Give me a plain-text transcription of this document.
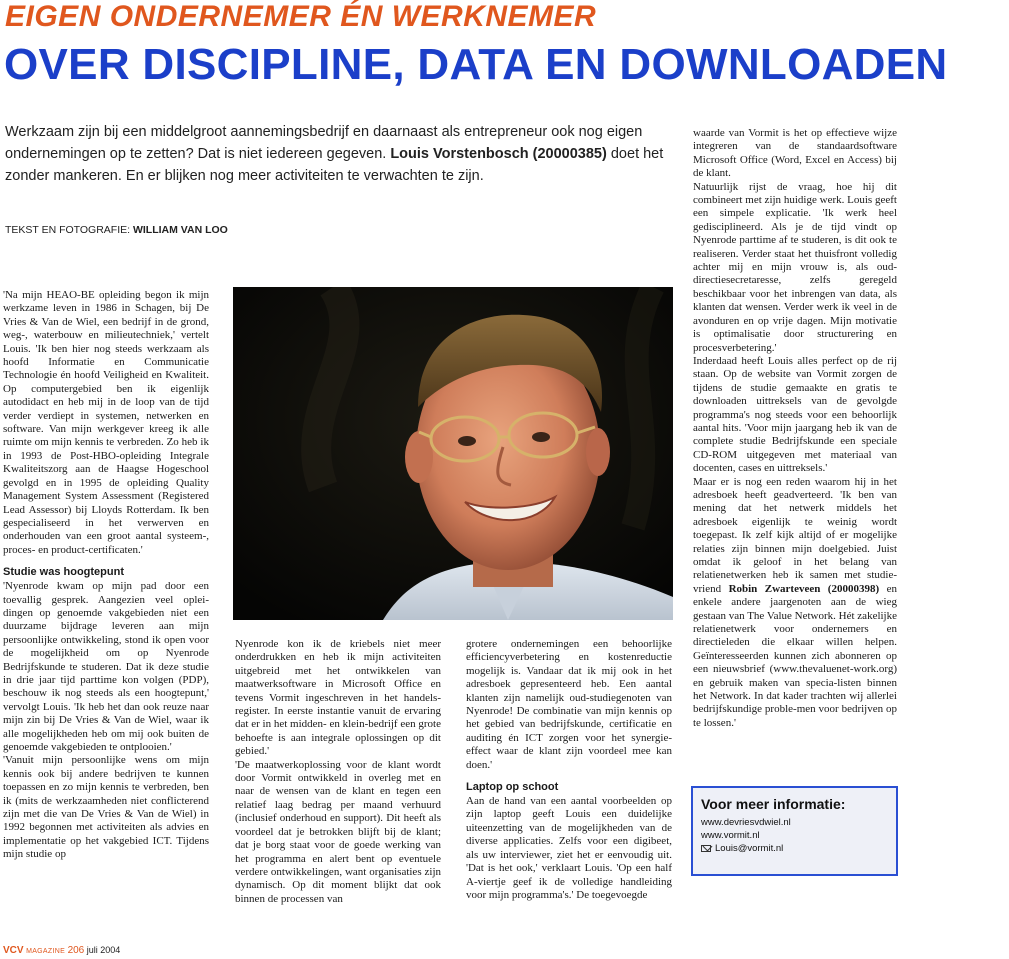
EIGEN ONDERNEMER ÉN WERKNEMER
OVER DISCIPLINE, DATA EN DOWNLOADEN
Werkzaam zijn bij een middelgroot aannemingsbedrijf en daarnaast als entrepreneur ook nog eigen ondernemingen op te zetten? Dat is niet iedereen gegeven. Louis Vorstenbosch (20000385) doet het zonder mankeren. En er blijken nog meer activiteiten te verwachten te zijn.
TEKST EN FOTOGRAFIE: WILLIAM VAN LOO

'Na mijn HEAO-BE opleiding begon ik mijn werkzame leven in 1986 in Schagen, bij De Vries & Van de Wiel, een bedrijf in de grond, weg-, waterbouw en milieutechniek,' vertelt Louis. 'Ik ben hier nog steeds werkzaam als hoofd Informatie en Communicatie Technologie én hoofd Veiligheid en Kwaliteit. Op computergebied ben ik eigenlijk autodidact en heb mij in de loop van de tijd verder verdiept in systemen, netwerken en software. Van mijn werkgever kreeg ik alle ruimte om mijn kennis te verbreden. Zo heb ik in 1993 de Post-HBO-opleiding Integrale Kwaliteitszorg aan de Haagse Hogeschool gevolgd en in 1995 de opleiding Quality Management System Assessment (Registered Lead Assessor) bij Lloyds Rotterdam. Ik ben gespecialiseerd in het verwerven en onderhouden van een groot aantal systeem-, proces- en product-certificaten.'

Studie was hoogtepunt

'Nyenrode kwam op mijn pad door een toevallig gesprek. Aangezien veel oplei-dingen op genoemde vakgebieden niet een duurzame bijdrage leveren aan mijn persoonlijke ontwikkeling, stond ik open voor de mogelijkheid om op Nyenrode Bedrijfskunde te studeren. Dat ik deze studie in drie jaar tijd parttime kon volgen (PDP), beschouw ik nog steeds als een hoogtepunt,' vervolgt Louis. 'Ik heb het dan ook reuze naar mijn zin bij De Vries & Van de Wiel, waar ik alle mogelijkheden heb om mij ook buiten de genoemde vakgebieden te ontplooien.'

'Vanuit mijn persoonlijke wens om mijn kennis ook bij andere bedrijven te kunnen toepassen en zo mijn kennis te verbreden, ben ik (mits de werkzaamheden niet conflicterend zijn met die van De Vries & Van de Wiel) in 1992 begonnen met activiteiten als advies en implementatie op het vakgebied ICT. Tijdens mijn studie op

Nyenrode kon ik de kriebels niet meer onderdrukken en heb ik mijn activiteiten uitgebreid met het ontwikkelen van maatwerksoftware in Microsoft Office en tevens Vormit ingeschreven in het handels-register. In eerste instantie vanuit de ervaring dat er in het midden- en klein-bedrijf een grote behoefte is aan integrale oplossingen op dit gebied.'

'De maatwerkoplossing voor de klant wordt door Vormit ontwikkeld in overleg met en naar de wensen van de klant en tegen een relatief laag bedrag per maand verhuurd (inclusief onderhoud en support). Dit heeft als voordeel dat je betrokken blijft bij de klant; dat je borg staat voor de goede werking van het programma en alert bent op eventuele verdere ontwikkelingen, want organisaties zijn dynamisch. Op dit moment blijkt dat ook binnen de processen van

grotere ondernemingen een behoorlijke efficiencyverbetering en kostenreductie mogelijk is. Vandaar dat ik mij ook in het adresboek gepresenteerd heb. Een aantal klanten zijn namelijk oud-studiegenoten van Nyenrode! De combinatie van mijn kennis op het gebied van bedrijfskunde, certificatie en auditing én ICT zorgen voor het synergie-effect waar de klant zijn voordeel mee kan doen.'

Laptop op schoot

Aan de hand van een aantal voorbeelden op zijn laptop geeft Louis een duidelijke uiteenzetting van de mogelijkheden van de diverse applicaties. Zelfs voor een digibeet, als uw interviewer, ziet het er eenvoudig uit. 'Dat is het ook,' verklaart Louis. 'Op een half A-viertje geef ik de volledige handleiding voor mijn programma's.' De toegevoegde

waarde van Vormit is het op effectieve wijze integreren van de standaardsoftware Microsoft Office (Word, Excel en Access) bij de klant.

Natuurlijk rijst de vraag, hoe hij dit combineert met zijn huidige werk. Louis geeft een simpele explicatie. 'Ik werk heel gedisciplineerd. Als je de tijd vindt op Nyenrode parttime af te studeren, is dit ook te realiseren. Verder staat het thuisfront volledig achter mij en mijn vrouw is, als oud-directiesecretaresse, zelfs geregeld beschikbaar voor het inbrengen van data, als klanten dat wensen. Verder werk ik veel in de avonduren en op vrije dagen. Mijn motivatie is optimalisatie door structurering en procesverbetering.'

Inderdaad heeft Louis alles perfect op de rij staan. Op de website van Vormit zorgen de tijdens de studie gemaakte en gratis te downloaden uittreksels van de gevolgde programma's nog steeds voor een behoorlijk aantal hits. 'Voor mijn jaargang heb ik van de complete studie Bedrijfskunde een speciale CD-ROM uitgegeven met materiaal van docenten, cases en uittreksels.'

Maar er is nog een reden waarom hij in het adresboek heeft geadverteerd. 'Ik ben van mening dat het netwerk middels het adresboek eigenlijk te weinig wordt toegepast. Ik zelf kijk altijd of er mogelijke relaties zijn binnen mijn doelgebied. Juist omdat ik geloof in het belang van relatienetwerken heb ik samen met studie-vriend Robin Zwarteveen (20000398) en enkele andere jaargenoten aan de wieg gestaan van The Value Network. Hét zakelijke relatienetwerk voor ondernemers en directieleden die elkaar willen helpen. Geïnteresseerden kunnen zich abonneren op een nieuwsbrief (www.thevaluenet-work.org) en gebruik maken van specia-listen binnen het Network. In dat kader trachten wij allerlei bedrijfskundige proble-men voor bedrijven op te lossen.'

Voor meer informatie:
www.devriesvdwiel.nl
www.vormit.nl
Louis@vormit.nl
VCV MAGAZINE 206 juli 2004
